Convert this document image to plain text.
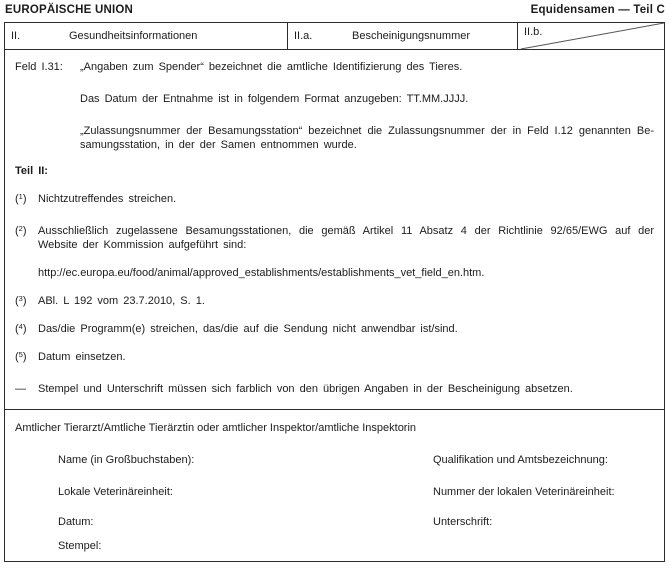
EUROPÄISCHE UNION	Equidensamen — Teil C
II.	Gesundheitsinformationen	II.a.	Bescheinigungsnummer	II.b.
Feld I.31:	„Angaben zum Spender“ bezeichnet die amtliche Identifizierung des Tieres.
Das Datum der Entnahme ist in folgendem Format anzugeben: TT.MM.JJJJ.
„Zulassungsnummer der Besamungsstation“ bezeichnet die Zulassungsnummer der in Feld I.12 genannten Be-
samungsstation, in der der Samen entnommen wurde.
Teil II:
($^1$)	Nichtzutreffendes streichen.
($^2$)	Ausschließlich zugelassene Besamungsstationen, die gemäß Artikel 11 Absatz 4 der Richtlinie 92/65/EWG auf der
Website der Kommission aufgeführt sind:
http://ec.europa.eu/food/animal/approved_establishments/establishments_vet_field_en.htm.
($^3$)	ABl. L 192 vom 23.7.2010, S. 1.
($^4$)	Das/die Programm(e) streichen, das/die auf die Sendung nicht anwendbar ist/sind.
($^5$)	Datum einsetzen.
—	Stempel und Unterschrift müssen sich farblich von den übrigen Angaben in der Bescheinigung absetzen.
Amtlicher Tierarzt/Amtliche Tierärztin oder amtlicher Inspektor/amtliche Inspektorin
Name (in Großbuchstaben):	Qualifikation und Amtsbezeichnung:
Lokale Veterinäreinheit:	Nummer der lokalen Veterinäreinheit:
Datum:	Unterschrift:
Stempel:
